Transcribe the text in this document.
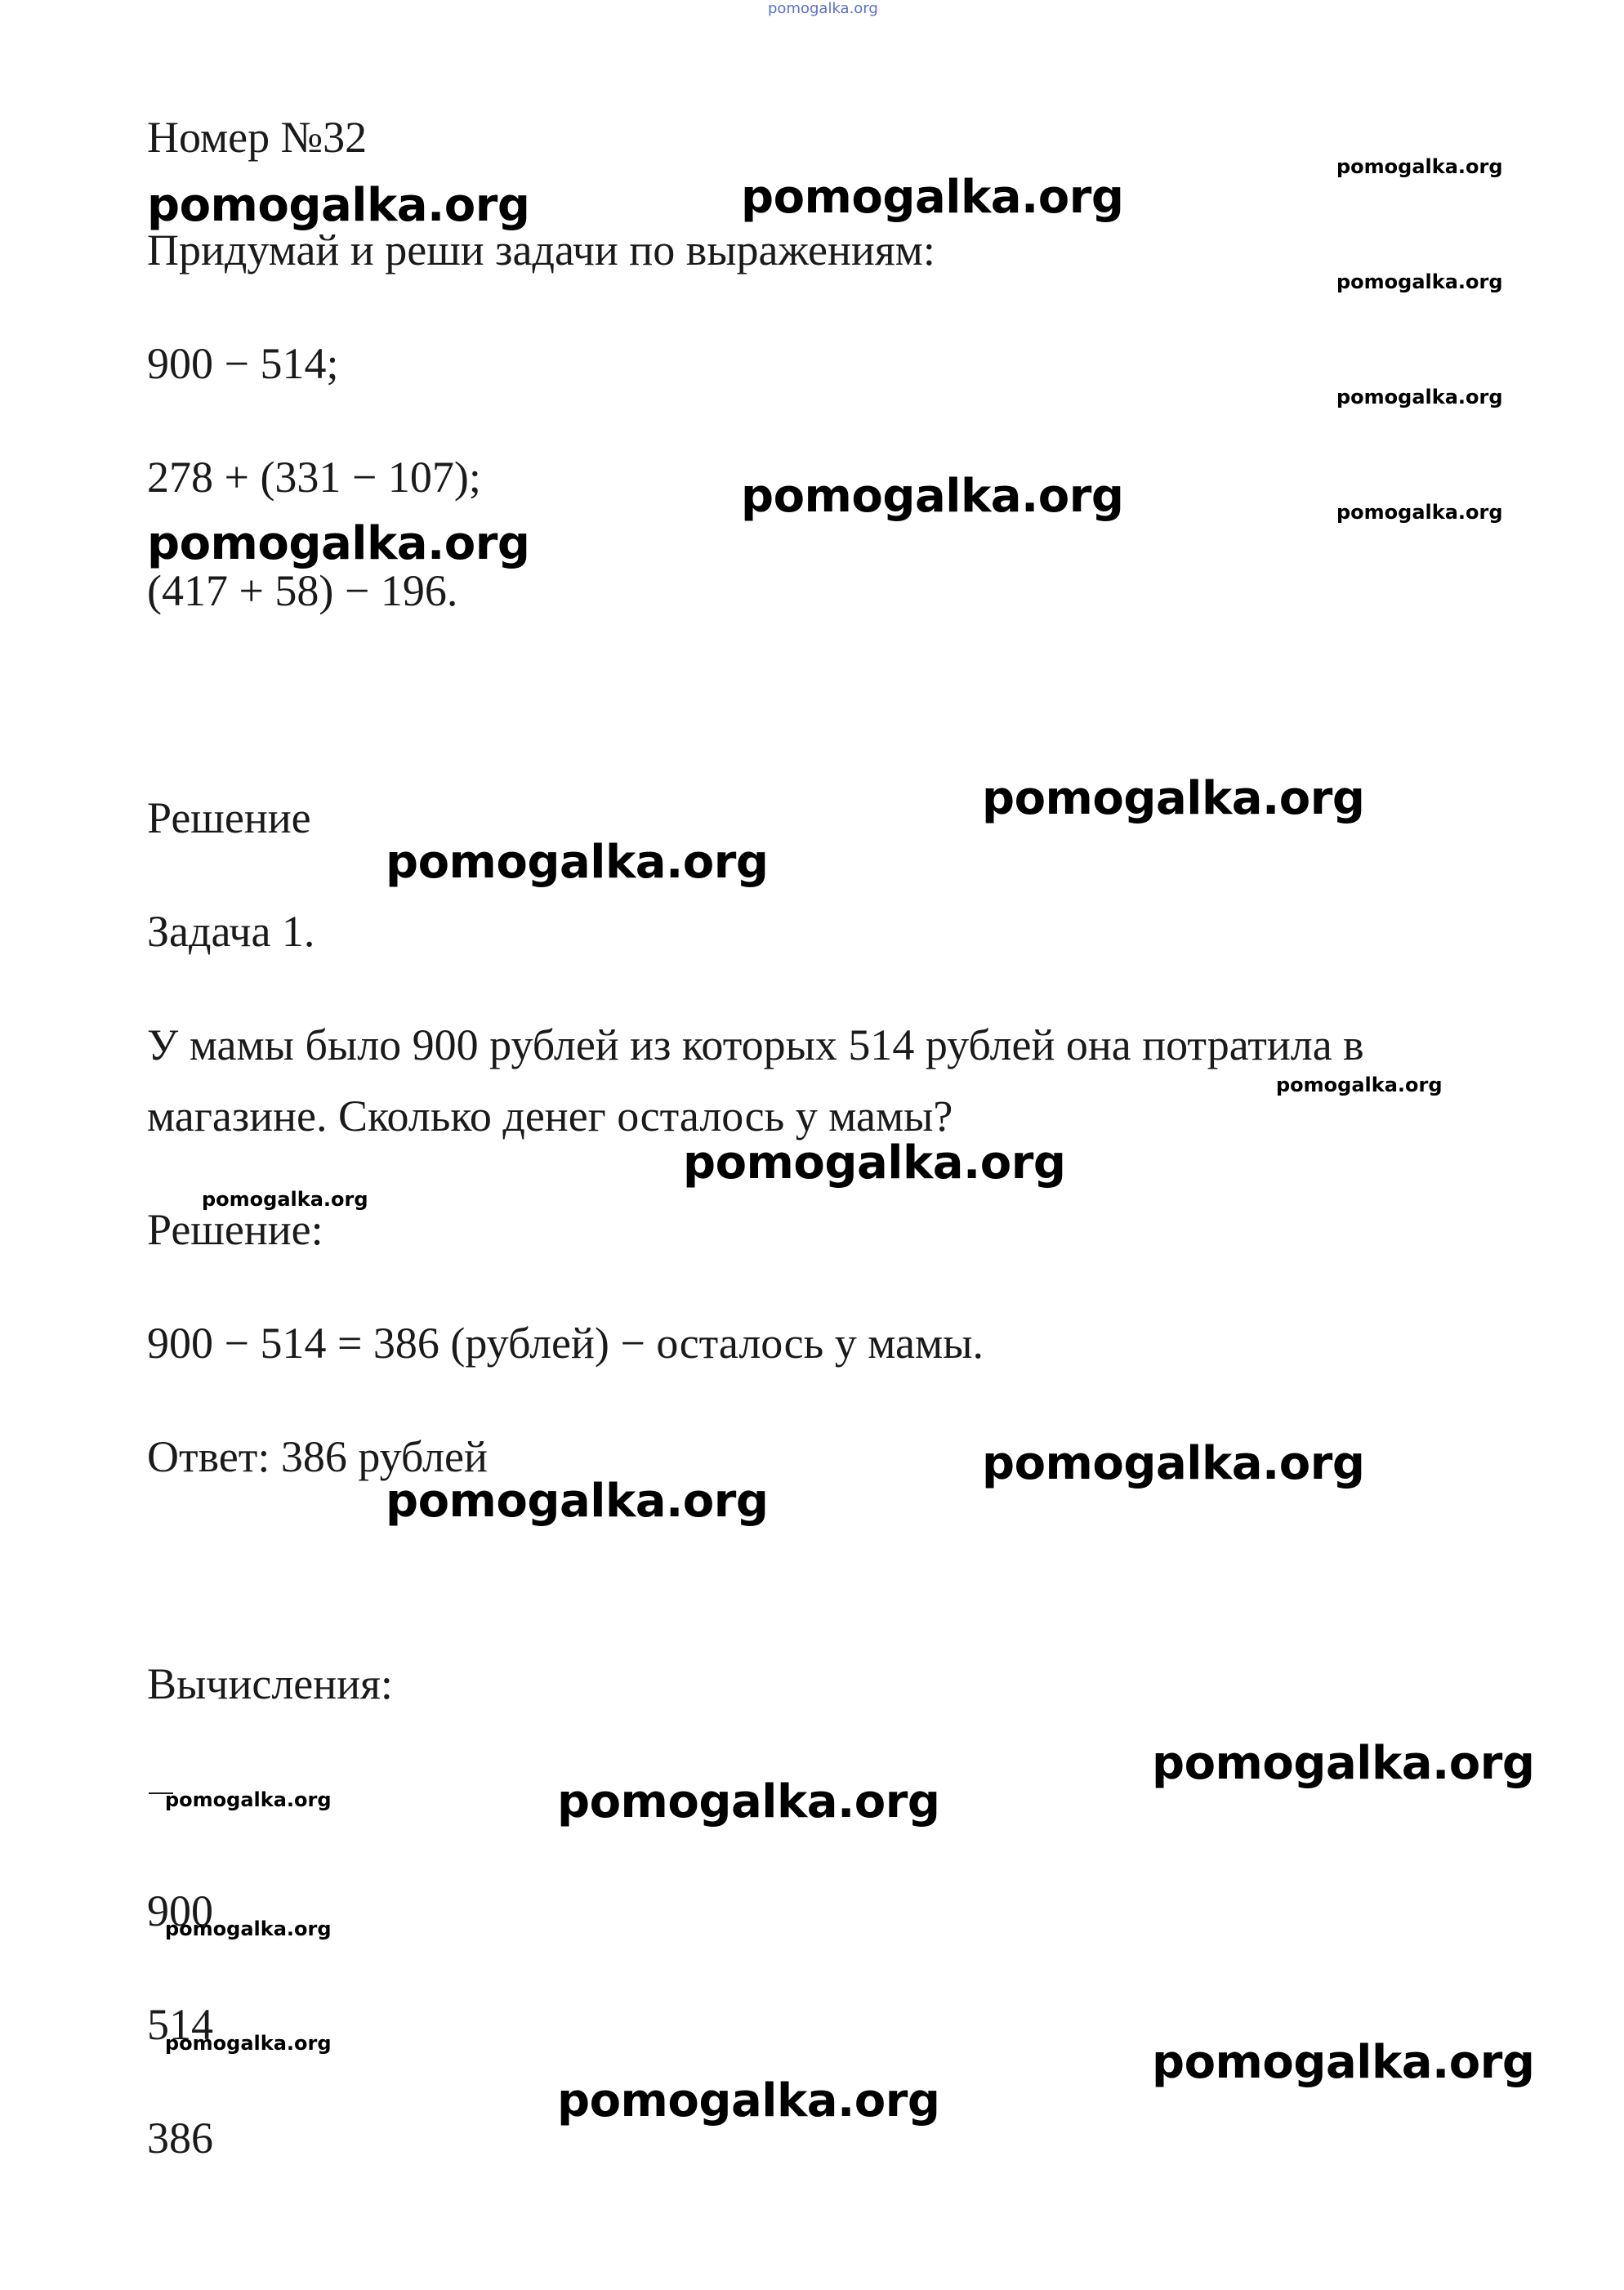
pomogalka.org
Номер №32
Придумай и реши задачи по выражениям:
900 − 514;
278 + (331 − 107);
(417 + 58) − 196.
Решение
Задача 1.
У мамы было 900 рублей из которых 514 рублей она потратила в
магазине. Сколько денег осталось у мамы?
Решение:
900 − 514 = 386 (рублей) − осталось у мамы.
Ответ: 386 рублей
Вычисления:
900
514
386
pomogalka.org	pomogalka.org
pomogalka.org
pomogalka.org
pomogalka.org
pomogalka.org
pomogalka.org
pomogalka.org
pomogalka.org
pomogalka.org
pomogalka.org
pomogalka.org
pomogalka.org
pomogalka.org
pomogalka.org
pomogalka.org
pomogalka.org
pomogalka.org
pomogalka.org
pomogalka.org
pomogalka.org
pomogalka.org
